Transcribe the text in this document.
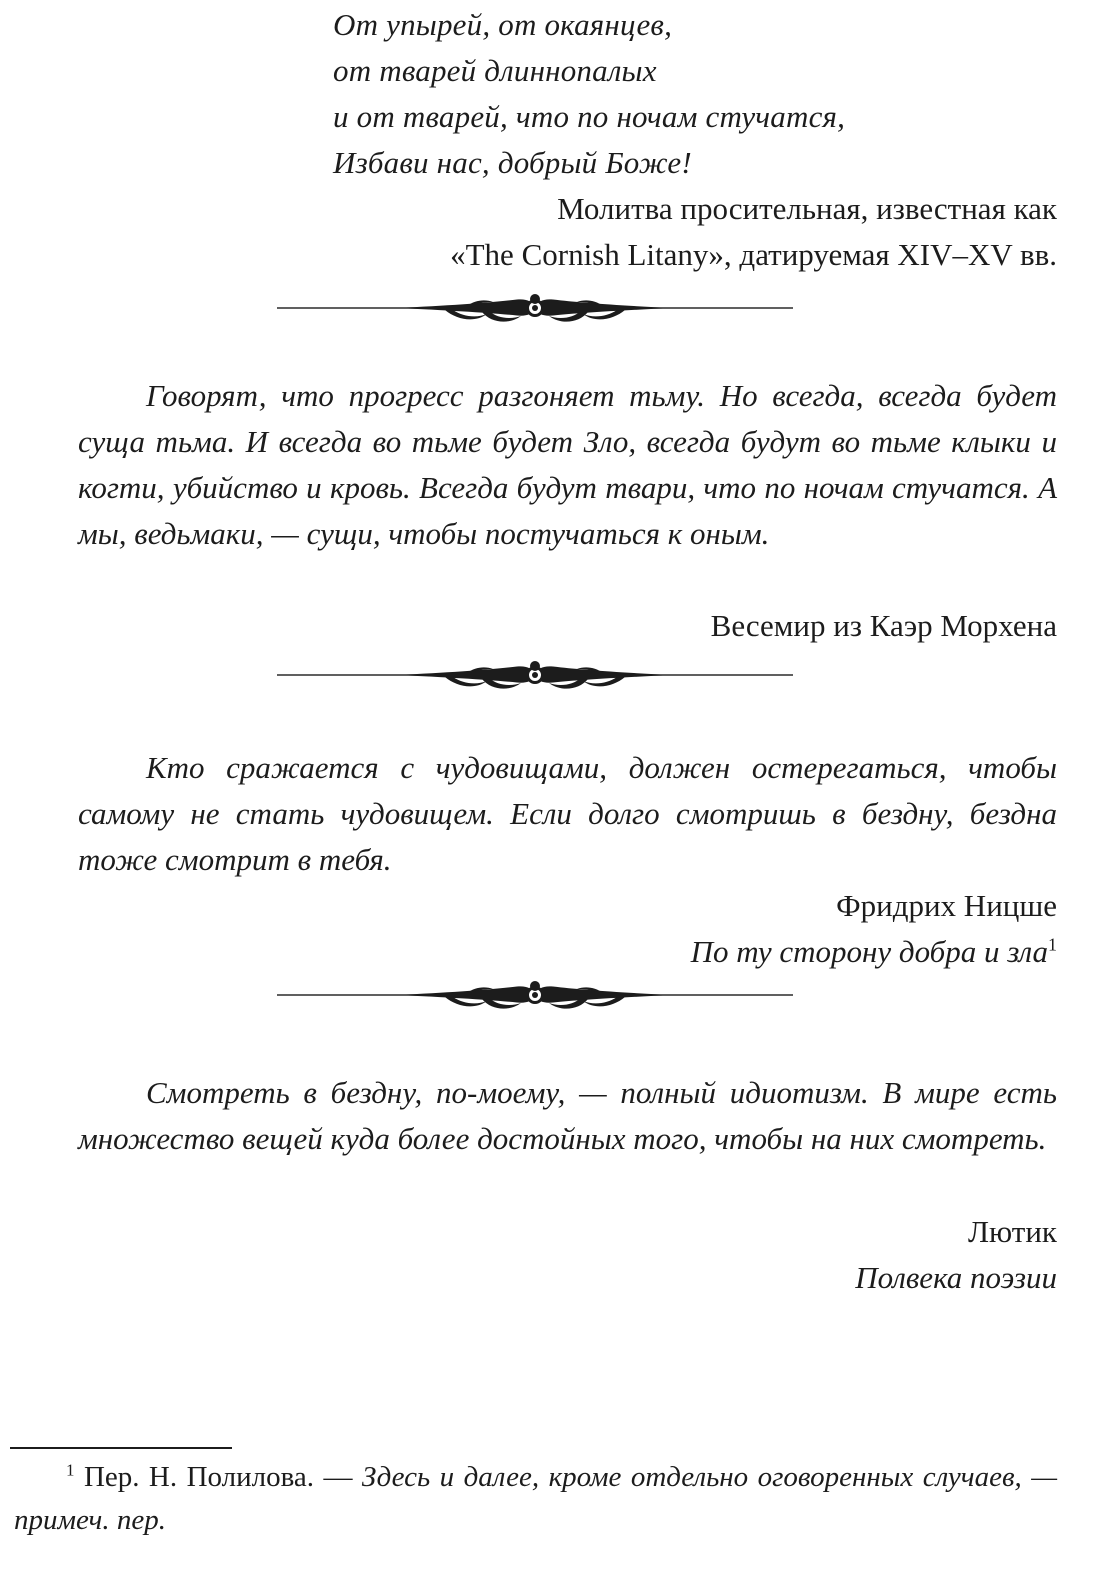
От упырей, от окаянцев,
от тварей длиннопалых
и от тварей, что по ночам стучатся,
Избави нас, добрый Боже!
Молитва просительная, известная как
«The Cornish Litany», датируемая XIV–XV вв.
Говорят, что прогресс разгоняет тьму. Но всегда, всегда будет суща тьма. И всегда во тьме будет Зло, всегда будут во тьме клыки и когти, убийство и кровь. Всегда будут твари, что по ночам стучатся. А мы, ведьмаки, — сущи, чтобы постучаться к оным.
Весемир из Каэр Морхена
Кто сражается с чудовищами, должен остерегаться, чтобы самому не стать чудовищем. Если долго смотришь в бездну, бездна тоже смотрит в тебя.
Фридрих Ницше
По ту сторону добра и зла$^1$
Смотреть в бездну, по-моему, — полный идиотизм. В мире есть множество вещей куда более достойных того, чтобы на них смотреть.
Лютик
Полвека поэзии
$^1$ Пер. Н. Полилова. — Здесь и далее, кроме отдельно оговоренных случаев, — примеч. пер.
